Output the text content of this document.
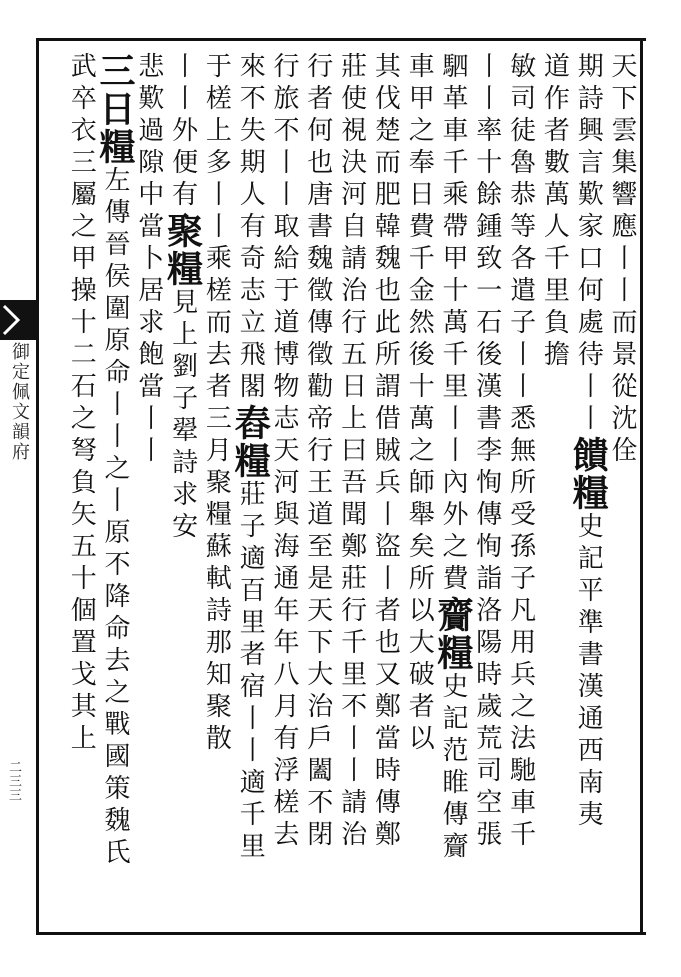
天下雲集響應丨丨而景從沈佺
期詩興言歎家口何處待丨丨饋糧史記平準書漢通西南夷
道作者數萬人千里負擔
敏司徒魯恭等各遣子丨丨悉無所受孫子凡用兵之法馳車千
丨丨率十餘鍾致一石後漢書李恂傳恂詣洛陽時歲荒司空張
駟革車千乘帶甲十萬千里丨丨內外之費齎糧史記范睢傳齎
車甲之奉日費千金然後十萬之師舉矣所以大破者以
其伐楚而肥韓魏也此所謂借賊兵丨盜丨者也又鄭當時傳鄭
莊使視決河自請治行五日上曰吾聞鄭莊行千里不丨丨請治
行者何也唐書魏徵傳徵勸帝行王道至是天下大治戶闔不閉
行旅不丨丨取給于道博物志天河與海通年年八月有浮槎去
來不失期人有奇志立飛閣舂糧莊子適百里者宿丨丨適千里
于槎上多丨丨乘槎而去者三月聚糧蘇軾詩那知聚散
丨丨外便有聚糧見上劉子翚詩求安
悲歎過隙中當卜居求飽當丨丨
三日糧左傳晉侯圍原命丨丨之丨原不降命去之戰國策魏氏
武卒衣三屬之甲操十二石之弩負矢五十個置戈其上
御定佩文韻府
二三三
